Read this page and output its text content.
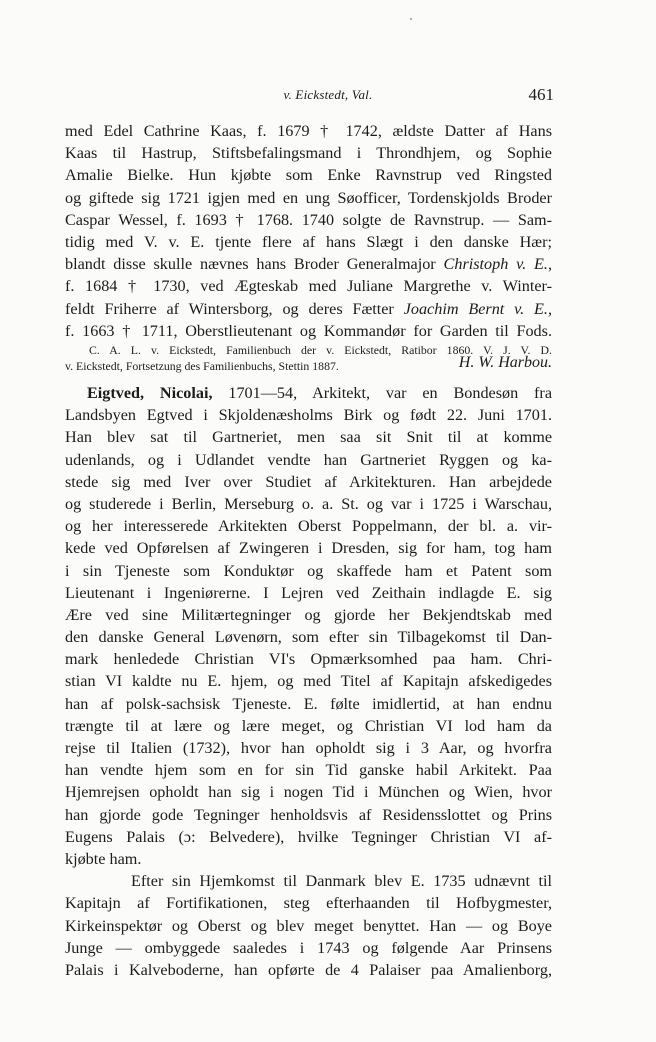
v. Eickstedt, Val.	461
med Edel Cathrine Kaas, f. 1679 † 1742, ældste Datter af Hans
Kaas til Hastrup, Stiftsbefalingsmand i Throndhjem, og Sophie
Amalie Bielke. Hun kjøbte som Enke Ravnstrup ved Ringsted
og giftede sig 1721 igjen med en ung Søofficer, Tordenskjolds Broder
Caspar Wessel, f. 1693 † 1768. 1740 solgte de Ravnstrup. — Sam-
tidig med V. v. E. tjente flere af hans Slægt i den danske Hær;
blandt disse skulle nævnes hans Broder Generalmajor Christoph v. E.,
f. 1684 † 1730, ved Ægteskab med Juliane Margrethe v. Winter-
feldt Friherre af Wintersborg, og deres Fætter Joachim Bernt v. E.,
f. 1663 † 1711, Oberstlieutenant og Kommandør for Garden til Fods.
C. A. L. v. Eickstedt, Familienbuch der v. Eickstedt, Ratibor 1860. V. J. V. D.
v. Eickstedt, Fortsetzung des Familienbuchs, Stettin 1887.	H. W. Harbou.
Eigtved, Nicolai, 1701—54, Arkitekt, var en Bondesøn fra
Landsbyen Egtved i Skjoldenæsholms Birk og født 22. Juni 1701.
Han blev sat til Gartneriet, men saa sit Snit til at komme
udenlands, og i Udlandet vendte han Gartneriet Ryggen og ka-
stede sig med Iver over Studiet af Arkitekturen. Han arbejdede
og studerede i Berlin, Merseburg o. a. St. og var i 1725 i Warschau,
og her interesserede Arkitekten Oberst Poppelmann, der bl. a. vir-
kede ved Opførelsen af Zwingeren i Dresden, sig for ham, tog ham
i sin Tjeneste som Konduktør og skaffede ham et Patent som
Lieutenant i Ingeniørerne. I Lejren ved Zeithain indlagde E. sig
Ære ved sine Militærtegninger og gjorde her Bekjendtskab med
den danske General Løvenørn, som efter sin Tilbagekomst til Dan-
mark henledede Christian VI's Opmærksomhed paa ham. Chri-
stian VI kaldte nu E. hjem, og med Titel af Kapitajn afskedigedes
han af polsk-sachsisk Tjeneste. E. følte imidlertid, at han endnu
trængte til at lære og lære meget, og Christian VI lod ham da
rejse til Italien (1732), hvor han opholdt sig i 3 Aar, og hvorfra
han vendte hjem som en for sin Tid ganske habil Arkitekt. Paa
Hjemrejsen opholdt han sig i nogen Tid i München og Wien, hvor
han gjorde gode Tegninger henholdsvis af Residensslottet og Prins
Eugens Palais (ɔ: Belvedere), hvilke Tegninger Christian VI af-
kjøbte ham.
Efter sin Hjemkomst til Danmark blev E. 1735 udnævnt til
Kapitajn af Fortifikationen, steg efterhaanden til Hofbygmester,
Kirkeinspektør og Oberst og blev meget benyttet. Han — og Boye
Junge — ombyggede saaledes i 1743 og følgende Aar Prinsens
Palais i Kalveboderne, han opførte de 4 Palaiser paa Amalienborg,
